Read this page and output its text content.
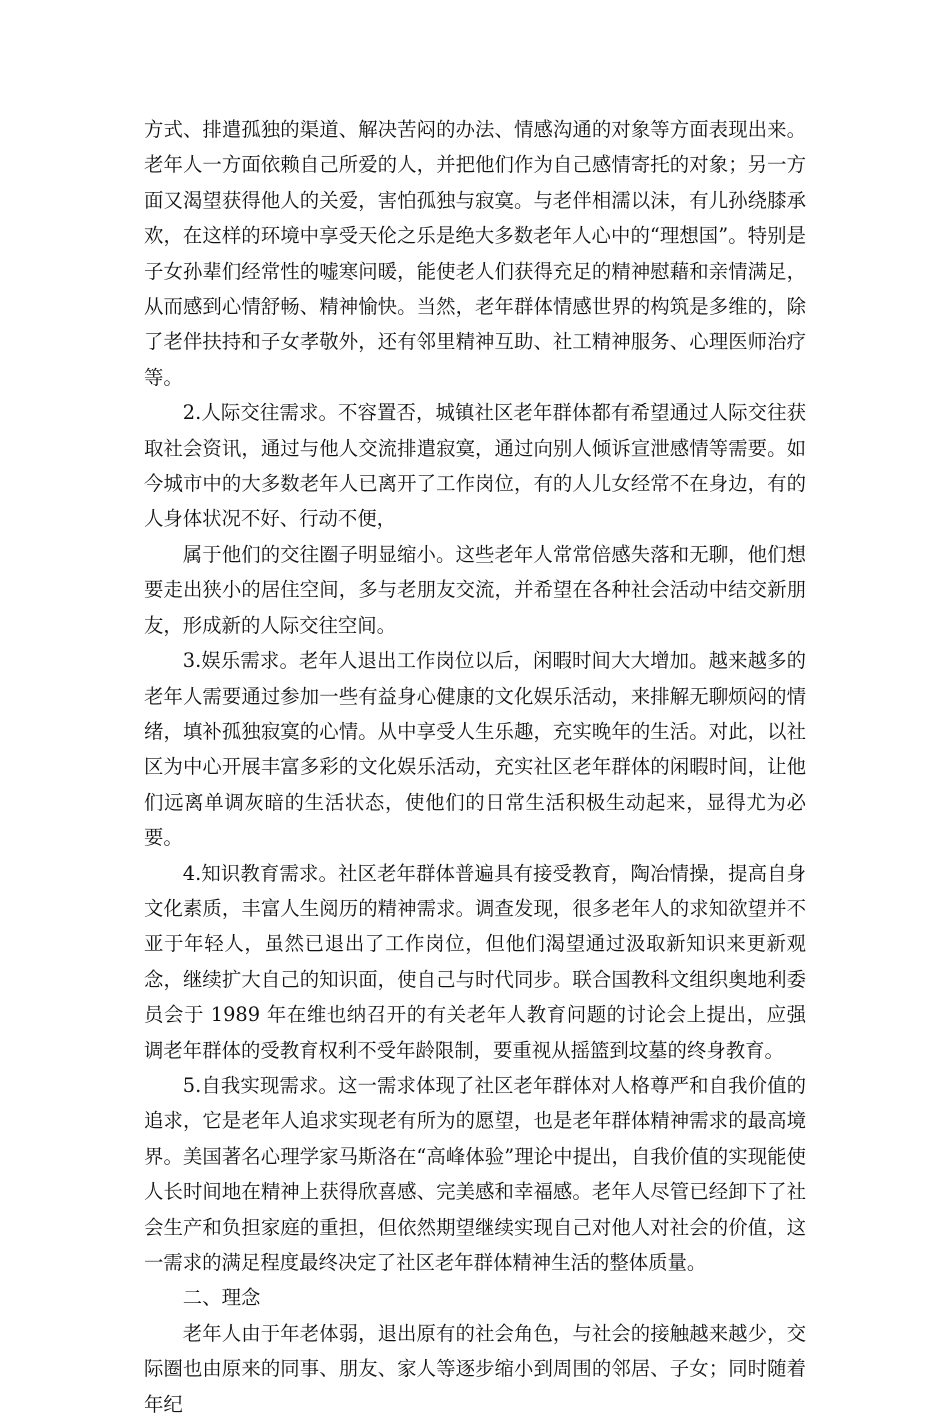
方式、排遣孤独的渠道、解决苦闷的办法、情感沟通的对象等方面表现出来。老年人一方面依赖自己所爱的人，并把他们作为自己感情寄托的对象；另一方面又渴望获得他人的关爱，害怕孤独与寂寞。与老伴相濡以沫，有儿孙绕膝承欢，在这样的环境中享受天伦之乐是绝大多数老年人心中的“理想国”。特别是子女孙辈们经常性的嘘寒问暖，能使老人们获得充足的精神慰藉和亲情满足，从而感到心情舒畅、精神愉快。当然，老年群体情感世界的构筑是多维的，除了老伴扶持和子女孝敬外，还有邻里精神互助、社工精神服务、心理医师治疗等。

2.人际交往需求。不容置否，城镇社区老年群体都有希望通过人际交往获取社会资讯，通过与他人交流排遣寂寞，通过向别人倾诉宣泄感情等需要。如今城市中的大多数老年人已离开了工作岗位，有的人儿女经常不在身边，有的人身体状况不好、行动不便，

属于他们的交往圈子明显缩小。这些老年人常常倍感失落和无聊，他们想要走出狭小的居住空间，多与老朋友交流，并希望在各种社会活动中结交新朋友，形成新的人际交往空间。

3.娱乐需求。老年人退出工作岗位以后，闲暇时间大大增加。越来越多的老年人需要通过参加一些有益身心健康的文化娱乐活动，来排解无聊烦闷的情绪，填补孤独寂寞的心情。从中享受人生乐趣，充实晚年的生活。对此，以社区为中心开展丰富多彩的文化娱乐活动，充实社区老年群体的闲暇时间，让他们远离单调灰暗的生活状态，使他们的日常生活积极生动起来，显得尤为必要。

4.知识教育需求。社区老年群体普遍具有接受教育，陶冶情操，提高自身文化素质，丰富人生阅历的精神需求。调查发现，很多老年人的求知欲望并不亚于年轻人，虽然已退出了工作岗位，但他们渴望通过汲取新知识来更新观念，继续扩大自己的知识面，使自己与时代同步。联合国教科文组织奥地利委员会于 1989 年在维也纳召开的有关老年人教育问题的讨论会上提出，应强调老年群体的受教育权利不受年龄限制，要重视从摇篮到坟墓的终身教育。

5.自我实现需求。这一需求体现了社区老年群体对人格尊严和自我价值的追求，它是老年人追求实现老有所为的愿望，也是老年群体精神需求的最高境界。美国著名心理学家马斯洛在“高峰体验”理论中提出，自我价值的实现能使人长时间地在精神上获得欣喜感、完美感和幸福感。老年人尽管已经卸下了社会生产和负担家庭的重担，但依然期望继续实现自己对他人对社会的价值，这一需求的满足程度最终决定了社区老年群体精神生活的整体质量。

二、理念

老年人由于年老体弱，退出原有的社会角色，与社会的接触越来越少，交际圈也由原来的同事、朋友、家人等逐步缩小到周围的邻居、子女；同时随着年纪
